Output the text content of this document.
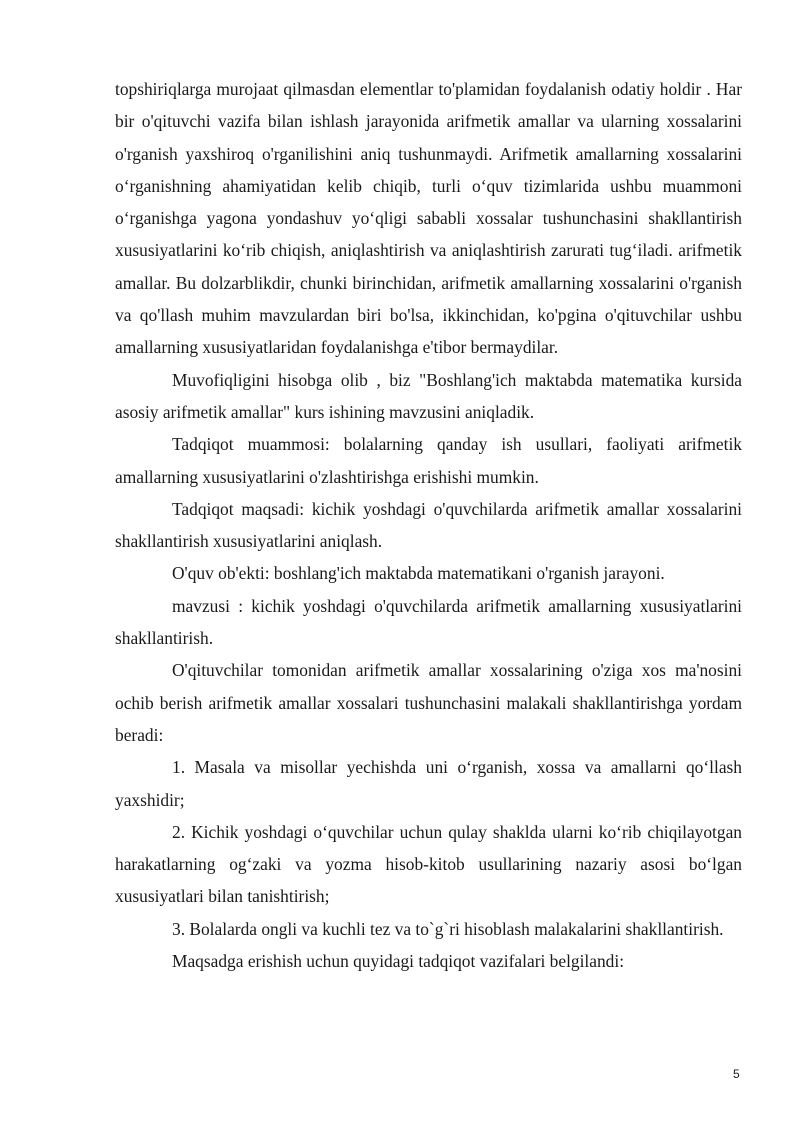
topshiriqlarga murojaat qilmasdan elementlar to'plamidan foydalanish odatiy holdir . Har bir o'qituvchi vazifa bilan ishlash jarayonida arifmetik amallar va ularning xossalarini o'rganish yaxshiroq o'rganilishini aniq tushunmaydi. Arifmetik amallarning xossalarini o‘rganishning ahamiyatidan kelib chiqib, turli o‘quv tizimlarida ushbu muammoni o‘rganishga yagona yondashuv yo‘qligi sababli xossalar tushunchasini shakllantirish xususiyatlarini ko‘rib chiqish, aniqlashtirish va aniqlashtirish zarurati tug‘iladi. arifmetik amallar. Bu dolzarblikdir, chunki birinchidan, arifmetik amallarning xossalarini o'rganish va qo'llash muhim mavzulardan biri bo'lsa, ikkinchidan, ko'pgina o'qituvchilar ushbu amallarning xususiyatlaridan foydalanishga e'tibor bermaydilar.

Muvofiqligini hisobga olib , biz "Boshlang'ich maktabda matematika kursida asosiy arifmetik amallar" kurs ishining mavzusini aniqladik.

Tadqiqot muammosi: bolalarning qanday ish usullari, faoliyati arifmetik amallarning xususiyatlarini o'zlashtirishga erishishi mumkin.

Tadqiqot maqsadi: kichik yoshdagi o'quvchilarda arifmetik amallar xossalarini shakllantirish xususiyatlarini aniqlash.

O'quv ob'ekti: boshlang'ich maktabda matematikani o'rganish jarayoni.

mavzusi : kichik yoshdagi o'quvchilarda arifmetik amallarning xususiyatlarini shakllantirish.

O'qituvchilar tomonidan arifmetik amallar xossalarining o'ziga xos ma'nosini ochib berish arifmetik amallar xossalari tushunchasini malakali shakllantirishga yordam beradi:

1. Masala va misollar yechishda uni o‘rganish, xossa va amallarni qo‘llash yaxshidir;

2. Kichik yoshdagi o‘quvchilar uchun qulay shaklda ularni ko‘rib chiqilayotgan harakatlarning og‘zaki va yozma hisob-kitob usullarining nazariy asosi bo‘lgan xususiyatlari bilan tanishtirish;

3. Bolalarda ongli va kuchli tez va to`g`ri hisoblash malakalarini shakllantirish.

Maqsadga erishish uchun quyidagi tadqiqot vazifalari belgilandi:

5
